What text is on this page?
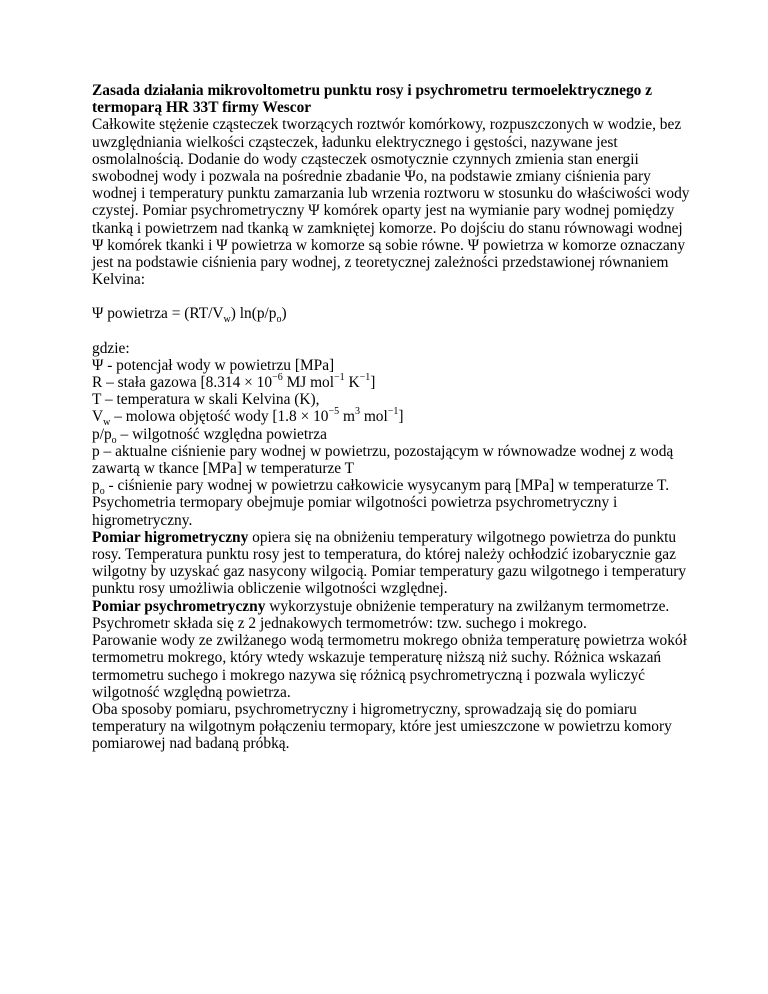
Zasada działania mikrovoltometru punktu rosy i psychrometru termoelektrycznego z termoparą HR 33T firmy Wescor

Całkowite stężenie cząsteczek tworzących roztwór komórkowy, rozpuszczonych w wodzie, bez uwzględniania wielkości cząsteczek, ładunku elektrycznego i gęstości, nazywane jest osmolalnością. Dodanie do wody cząsteczek osmotycznie czynnych zmienia stan energii swobodnej wody i pozwala na pośrednie zbadanie Ψo, na podstawie zmiany ciśnienia pary wodnej i temperatury punktu zamarzania lub wrzenia roztworu w stosunku do właściwości wody czystej. Pomiar psychrometryczny Ψ komórek oparty jest na wymianie pary wodnej pomiędzy tkanką i powietrzem nad tkanką w zamkniętej komorze. Po dojściu do stanu równowagi wodnej Ψ komórek tkanki i Ψ powietrza w komorze są sobie równe. Ψ powietrza w komorze oznaczany jest na podstawie ciśnienia pary wodnej, z teoretycznej zależności przedstawionej równaniem Kelvina:

Ψ powietrza = $(RT/V_w)$ $\ln(p/p_o)$

gdzie:

Ψ - potencjał wody w powietrzu [MPa]

R – stała gazowa [$8.314 \times 10^{-6}$ MJ mol$^{-1}$ $K^{-1}$]

T – temperatura w skali Kelvina (K),

$V_w$ – molowa objętość wody [$1.8 \times 10^{-5}$ $m^3$ mol$^{-1}$]

$p/p_o$ – wilgotność względna powietrza

p – aktualne ciśnienie pary wodnej w powietrzu, pozostającym w równowadze wodnej z wodą zawartą w tkance [MPa] w temperaturze T

$p_o$ - ciśnienie pary wodnej w powietrzu całkowicie wysycanym parą [MPa] w temperaturze T.

Psychometria termopary obejmuje pomiar wilgotności powietrza psychrometryczny i higrometryczny.

Pomiar higrometryczny opiera się na obniżeniu temperatury wilgotnego powietrza do punktu rosy. Temperatura punktu rosy jest to temperatura, do której należy ochłodzić izobarycznie gaz wilgotny by uzyskać gaz nasycony wilgocią. Pomiar temperatury gazu wilgotnego i temperatury punktu rosy umożliwia obliczenie wilgotności względnej.

Pomiar psychrometryczny wykorzystuje obniżenie temperatury na zwilżanym termometrze. Psychrometr składa się z 2 jednakowych termometrów: tzw. suchego i mokrego.

Parowanie wody ze zwilżanego wodą termometru mokrego obniża temperaturę powietrza wokół termometru mokrego, który wtedy wskazuje temperaturę niższą niż suchy. Różnica wskazań termometru suchego i mokrego nazywa się różnicą psychrometryczną i pozwala wyliczyć wilgotność względną powietrza.

Oba sposoby pomiaru, psychrometryczny i higrometryczny, sprowadzają się do pomiaru temperatury na wilgotnym połączeniu termopary, które jest umieszczone w powietrzu komory pomiarowej nad badaną próbką.
